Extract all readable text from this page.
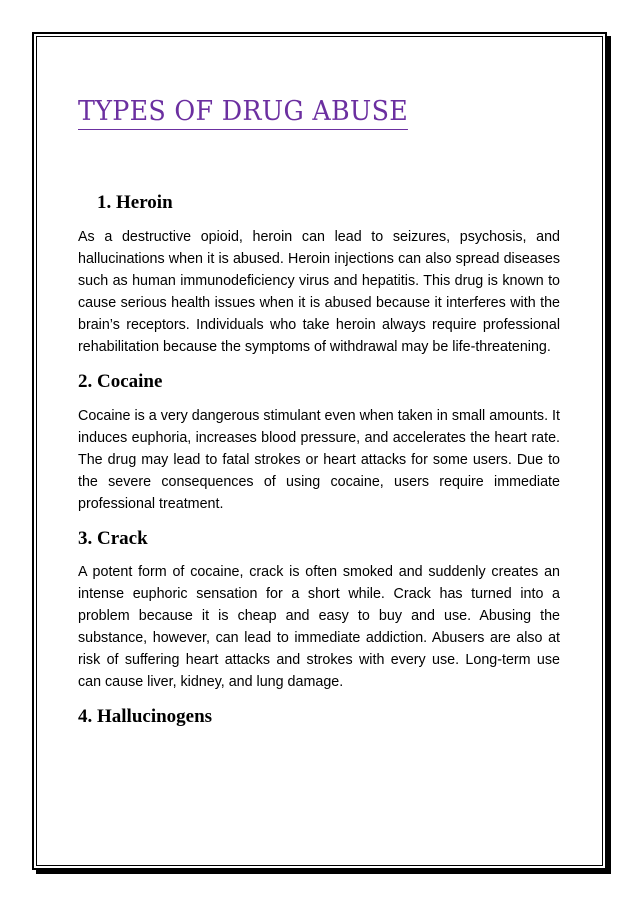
TYPES OF DRUG ABUSE
1. Heroin

As a destructive opioid, heroin can lead to seizures, psychosis, and hallucinations when it is abused. Heroin injections can also spread diseases such as human immunodeficiency virus and hepatitis. This drug is known to cause serious health issues when it is abused because it interferes with the brain’s receptors. Individuals who take heroin always require professional rehabilitation because the symptoms of withdrawal may be life-threatening.

2. Cocaine

Cocaine is a very dangerous stimulant even when taken in small amounts. It induces euphoria, increases blood pressure, and accelerates the heart rate. The drug may lead to fatal strokes or heart attacks for some users. Due to the severe consequences of using cocaine, users require immediate professional treatment.

3. Crack

A potent form of cocaine, crack is often smoked and suddenly creates an intense euphoric sensation for a short while. Crack has turned into a problem because it is cheap and easy to buy and use. Abusing the substance, however, can lead to immediate addiction. Abusers are also at risk of suffering heart attacks and strokes with every use. Long-term use can cause liver, kidney, and lung damage.

4. Hallucinogens
